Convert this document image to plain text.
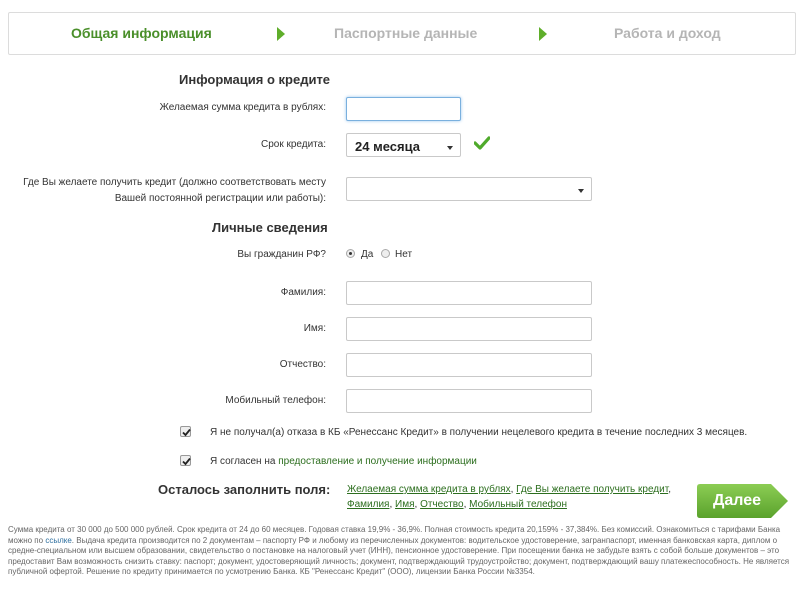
Общая информация	Паспортные данные	Работа и доход
Информация о кредите
Желаемая сумма кредита в рублях:
Срок кредита: 24 месяца
Где Вы желаете получить кредит (должно соответствовать месту
Вашей постоянной регистрации или работы):
Личные сведения
Вы гражданин РФ?	Да Нет
Фамилия:
Имя:
Отчество:
Мобильный телефон:
Я не получал(а) отказа в КБ «Ренессанс Кредит» в получении нецелевого кредита в течение последних 3 месяцев.
Я согласен на предоставление и получение информации
Осталось заполнить поля: Желаемая сумма кредита в рублях, Где Вы желаете получить кредит,
Фамилия, Имя, Отчество, Мобильный телефон	Далее
Сумма кредита от 30 000 до 500 000 рублей. Срок кредита от 24 до 60 месяцев. Годовая ставка 19,9% - 36,9%. Полная стоимость кредита 20,159% - 37,384%. Без комиссий. Ознакомиться с тарифами Банка можно по ссылке. Выдача кредита производится по 2 документам – паспорту РФ и любому из перечисленных документов: водительское удостоверение, загранпаспорт, именная банковская карта, диплом о средне-специальном или высшем образовании, свидетельство о постановке на налоговый учет (ИНН), пенсионное удостоверение. При посещении банка не забудьте взять с собой больше документов – это предоставит Вам возможность снизить ставку: паспорт; документ, удостоверяющий личность; документ, подтверждающий трудоустройство; документ, подтверждающий вашу платежеспособность. Не является публичной офертой. Решение по кредиту принимается по усмотрению Банка. КБ "Ренессанс Кредит" (ООО), лицензии Банка России №3354.
